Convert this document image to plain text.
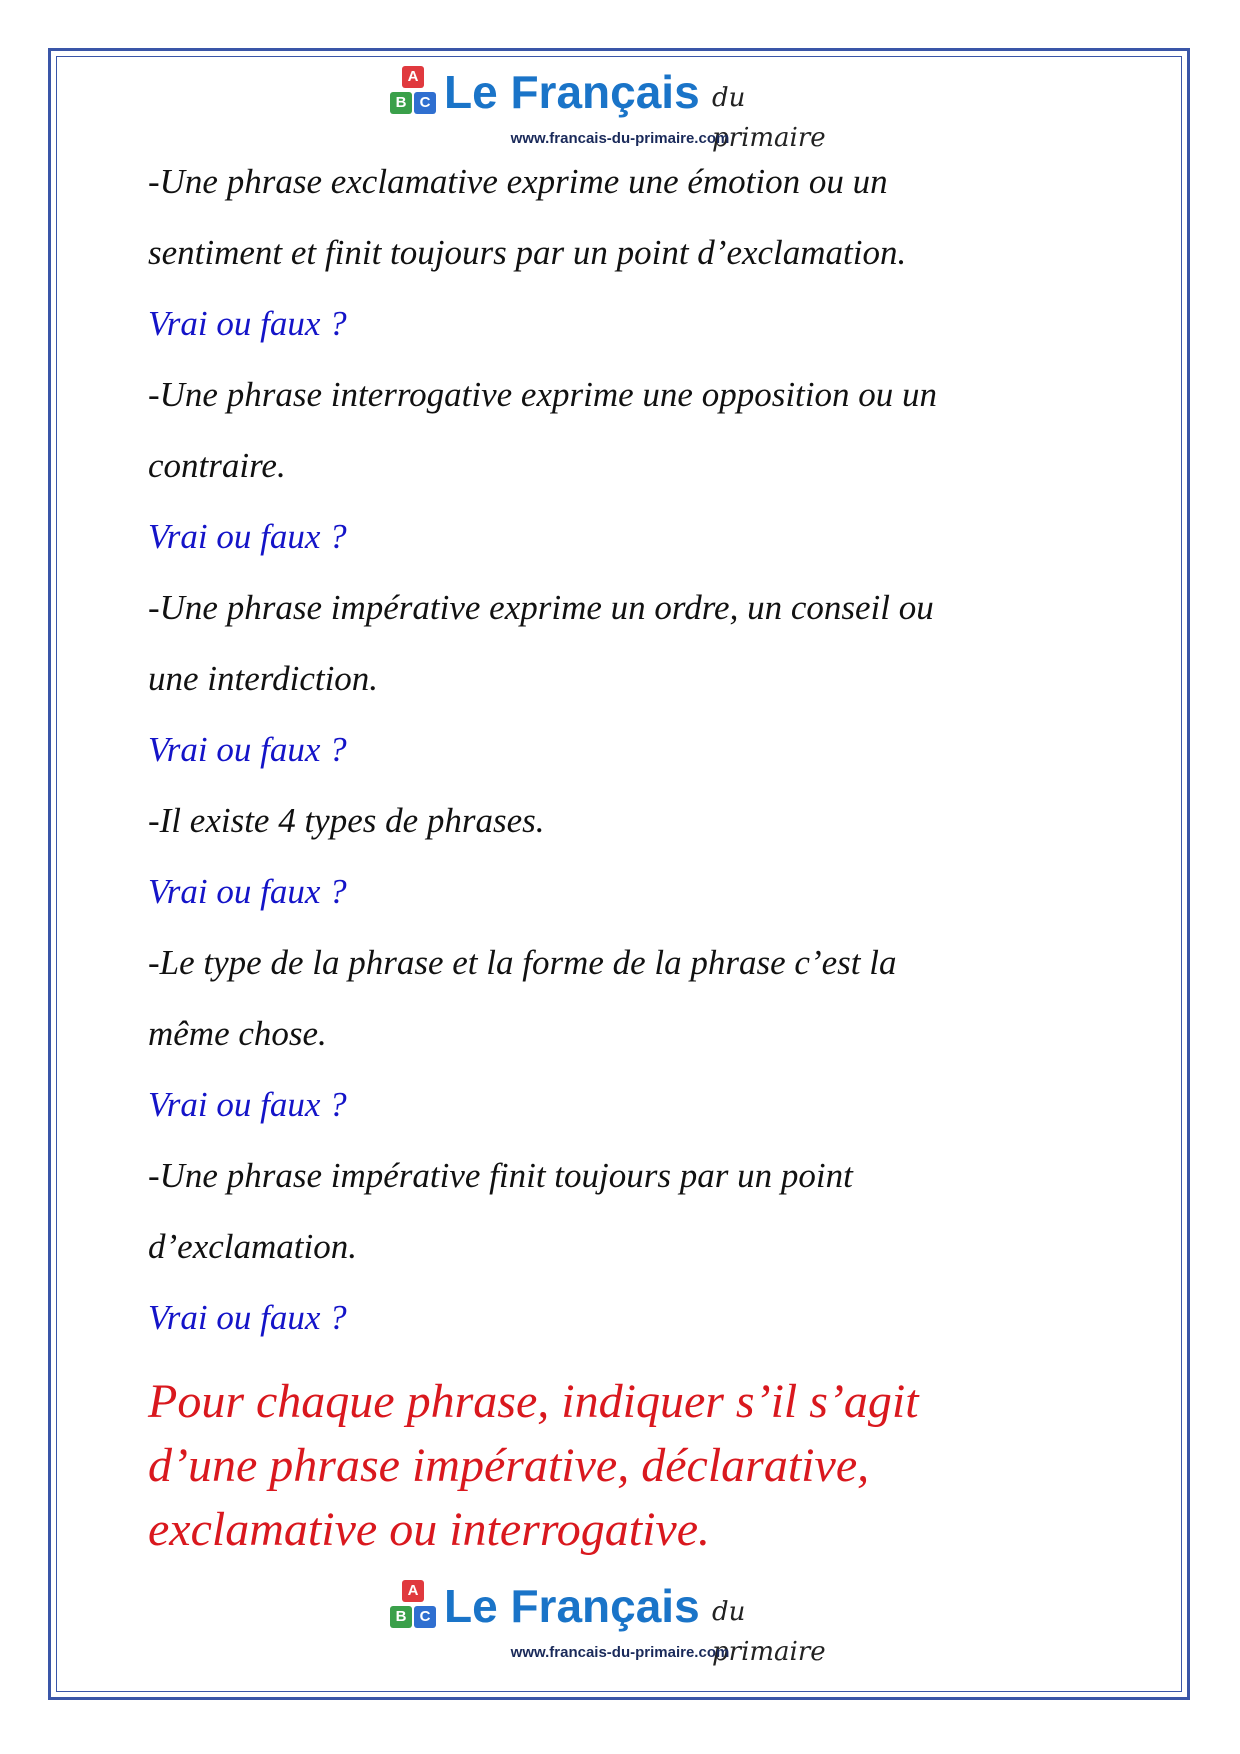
A
B C Le Français du primaire
www.francais-du-primaire.com

-Une phrase exclamative exprime une émotion ou un

sentiment et finit toujours par un point d’exclamation.

Vrai ou faux ?

-Une phrase interrogative exprime une opposition ou un

contraire.

Vrai ou faux ?

-Une phrase impérative exprime un ordre, un conseil ou

une interdiction.

Vrai ou faux ?

-Il existe 4 types de phrases.

Vrai ou faux ?

-Le type de la phrase et la forme de la phrase c’est la

même chose.

Vrai ou faux ?

-Une phrase impérative finit toujours par un point

d’exclamation.

Vrai ou faux ?

Pour chaque phrase, indiquer s’il s’agit
d’une phrase impérative, déclarative,
exclamative ou interrogative.
A
B C Le Français du primaire
www.francais-du-primaire.com
